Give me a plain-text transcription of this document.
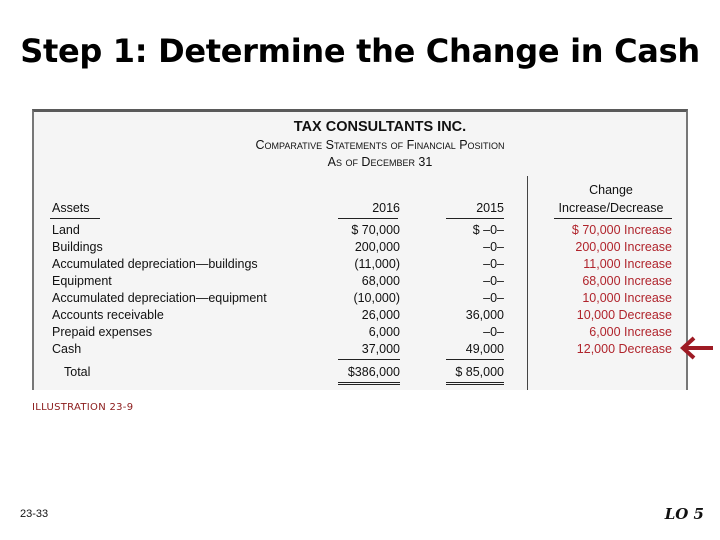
Step 1: Determine the Change in Cash
TAX CONSULTANTS INC.
Comparative Statements of Financial Position
As of December 31
Assets	2016	2015
Change
Increase/Decrease
Land	$ 70,000	$ –0–	$ 70,000 Increase
Buildings	200,000	–0–	200,000 Increase
Accumulated depreciation—buildings	(11,000)	–0–	11,000 Increase
Equipment	68,000	–0–	68,000 Increase
Accumulated depreciation—equipment	(10,000)	–0–	10,000 Increase
Accounts receivable	26,000	36,000	10,000 Decrease
Prepaid expenses	6,000	–0–	6,000 Increase
Cash	37,000	49,000	12,000 Decrease
Total	$386,000	$ 85,000
ILLUSTRATION 23-9
23-33	LO 5
